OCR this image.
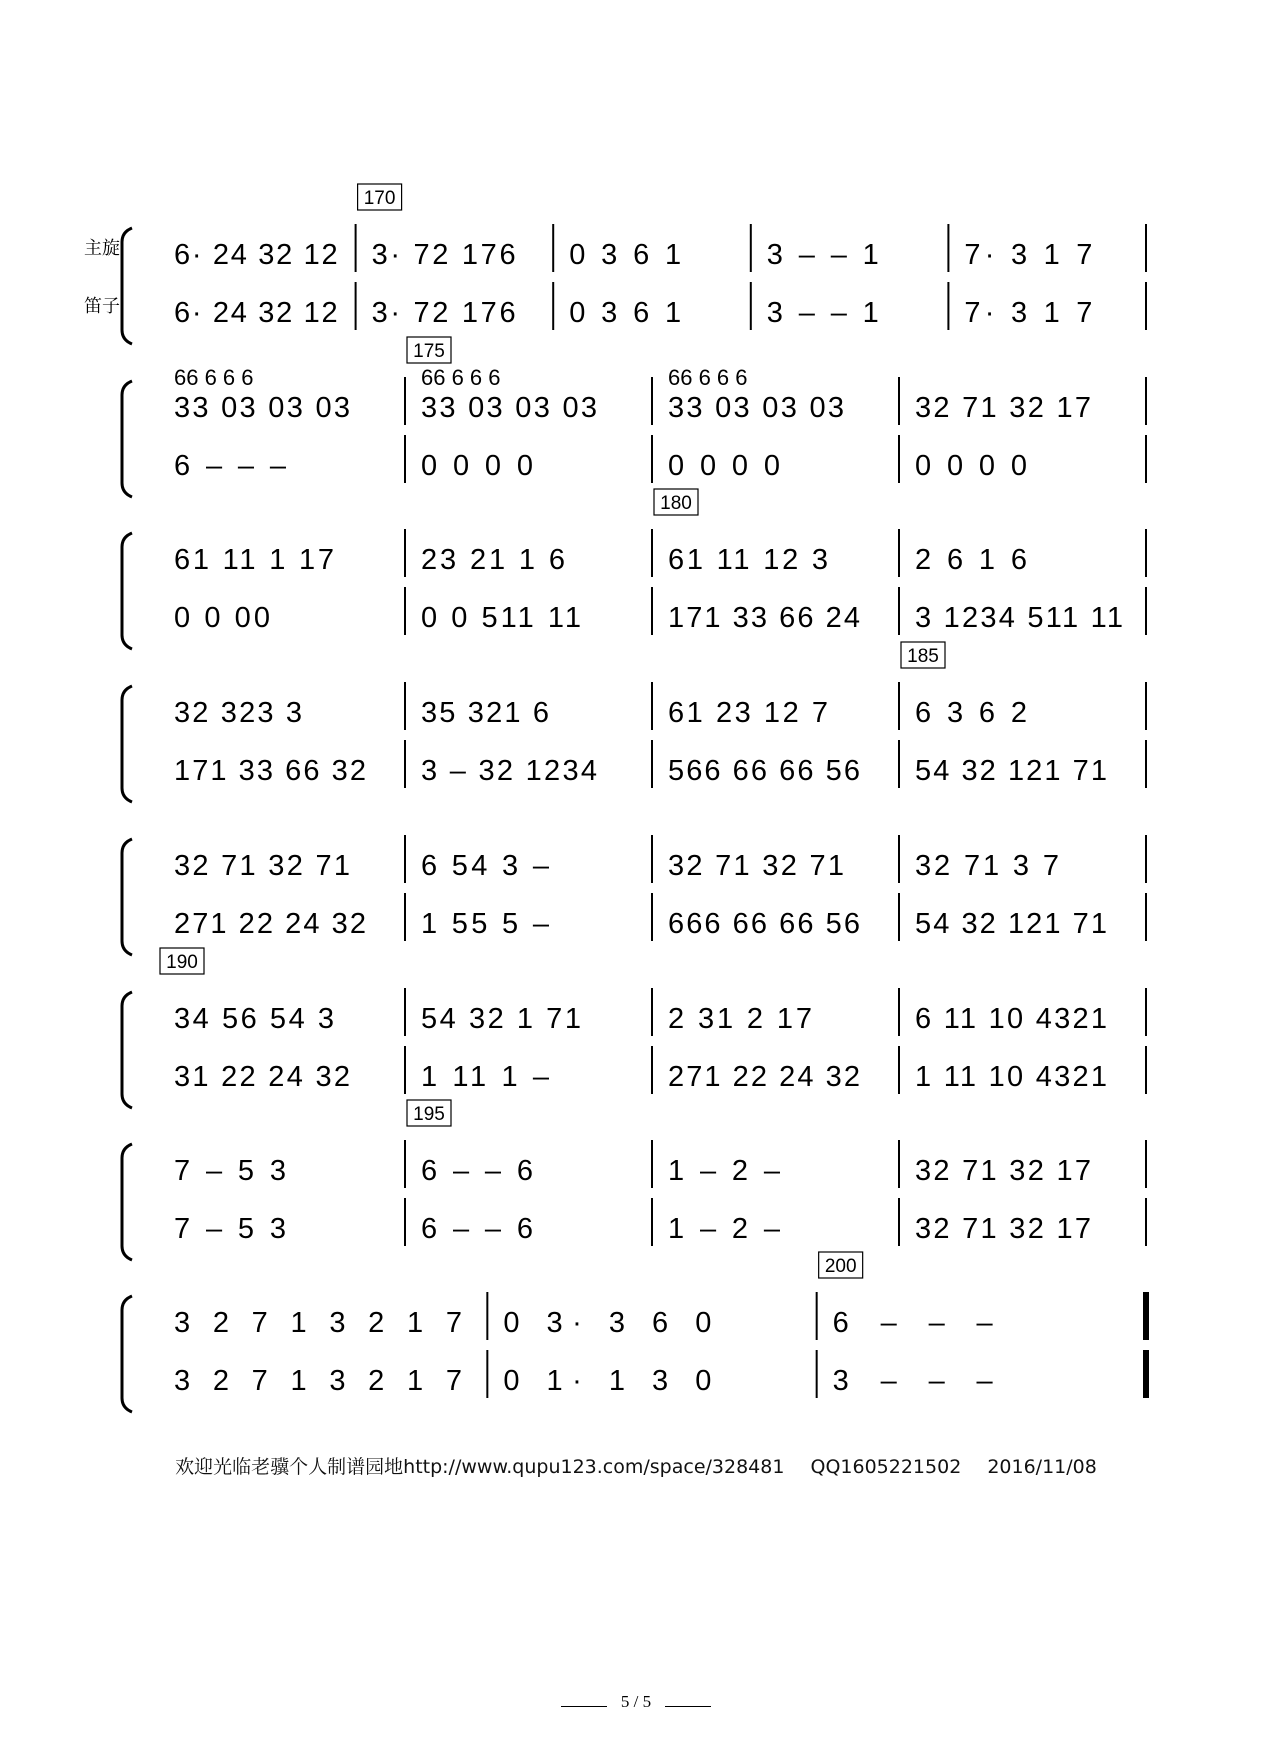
主旋
笛子
6· 24 32 12
6· 24 32 12
3· 72 176
3· 72 176
0 3 6 1
0 3 6 1
3 – – 1
3 – – 1
7· 3 1 7
7· 3 1 7
66 6 6 6
33 03 03 03
6 – – –
66 6 6 6
33 03 03 03
0 0 0 0
66 6 6 6
33 03 03 03
0 0 0 0
32 71 32 17
0 0 0 0
61 11 1 17
0 0 00
23 21 1 6
0 0 511 11
61 11 12 3
171 33 66 24
2 6 1 6
3 1234 511 11
32 323 3
171 33 66 32
35 321 6
3 – 32 1234
61 23 12 7
566 66 66 56
6 3 6 2
54 32 121 71
32 71 32 71
271 22 24 32
6 54 3 –
1 55 5 –
32 71 32 71
666 66 66 56
32 71 3 7
54 32 121 71
34 56 54 3
31 22 24 32
54 32 1 71
1 11 1 –
2 31 2 17
271 22 24 32
6 11 10 4321
1 11 10 4321
7 – 5 3
7 – 5 3
6 – – 6
6 – – 6
1 – 2 –
1 – 2 –
32 71 32 17
32 71 32 17
3 2 7 1 3 2 1 7
3 2 7 1 3 2 1 7
0 3· 3 6 0
0 1· 1 3 0
6 – – –
3 – – –
170
175
180
185
190
195
200
欢迎光临老骥个人制谱园地http://www.qupu123.com/space/328481 QQ1605221502 2016/11/08
5 / 5
